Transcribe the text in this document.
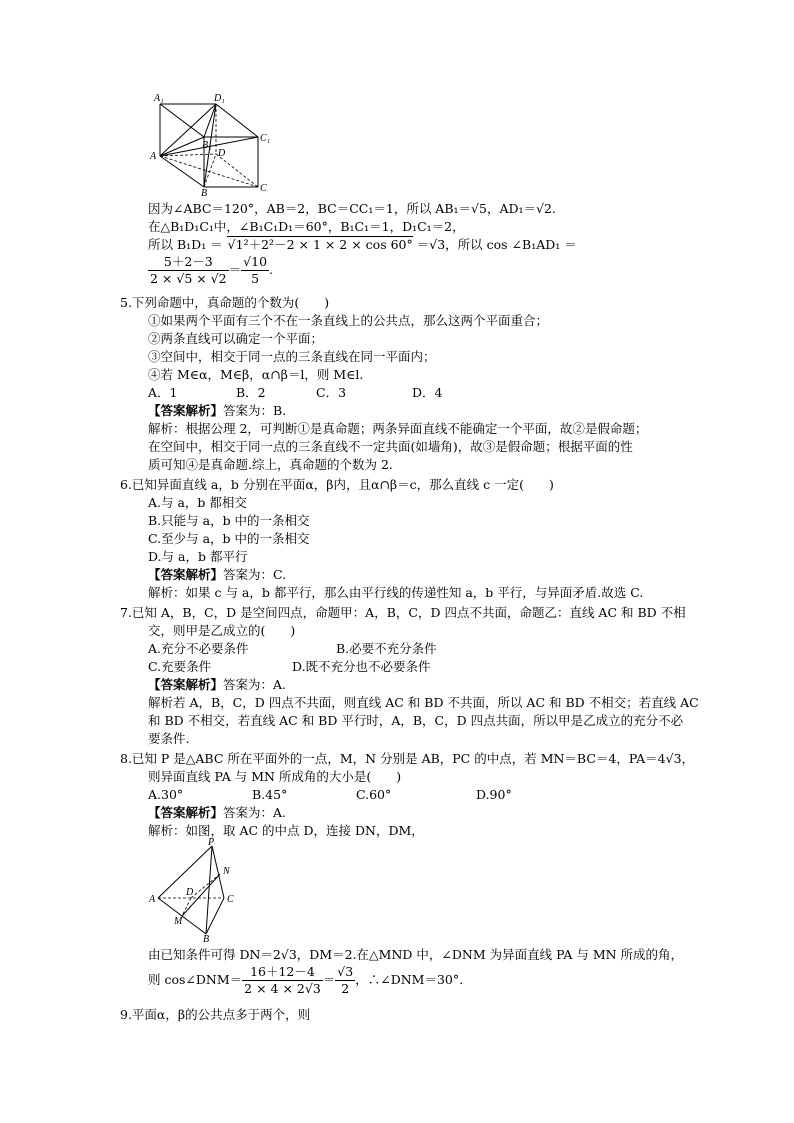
A₁	D₁
C₁
B₁
D
A
B	C
因为∠ABC＝120°，AB＝2，BC＝CC₁＝1，所以 AB₁＝√5，AD₁＝√2.
在△B₁D₁C₁中，∠B₁C₁D₁＝60°，B₁C₁＝1，D₁C₁＝2，
所以 B₁D₁ ＝ √1²＋2²－2 × 1 × 2 × cos 60° ＝√3，所以 cos ∠B₁AD₁ ＝
$\frac{5+2-3}{2 \times √5 \times √2} = \frac{√10}{5}$ .
5.下列命题中，真命题的个数为(　　)
①如果两个平面有三个不在一条直线上的公共点，那么这两个平面重合；
②两条直线可以确定一个平面；
③空间中，相交于同一点的三条直线在同一平面内；
④若 M∈α，M∈β，α∩β＝l，则 M∈l.
A．1	B．2	C．3	D．4
【答案解析】答案为：B.
解析：根据公理 2，可判断①是真命题；两条异面直线不能确定一个平面，故②是假命题；
在空间中，相交于同一点的三条直线不一定共面(如墙角)，故③是假命题；根据平面的性
质可知④是真命题.综上，真命题的个数为 2.
6.已知异面直线 a，b 分别在平面α，β内，且α∩β＝c，那么直线 c 一定(　　)
A.与 a，b 都相交
B.只能与 a，b 中的一条相交
C.至少与 a，b 中的一条相交
D.与 a，b 都平行
【答案解析】答案为：C.
解析：如果 c 与 a，b 都平行，那么由平行线的传递性知 a，b 平行，与异面矛盾.故选 C.
7.已知 A，B，C，D 是空间四点，命题甲：A，B，C，D 四点不共面，命题乙：直线 AC 和 BD 不相
交，则甲是乙成立的(　　)
A.充分不必要条件	B.必要不充分条件
C.充要条件	D.既不充分也不必要条件
【答案解析】答案为：A.
解析若 A，B，C，D 四点不共面，则直线 AC 和 BD 不共面，所以 AC 和 BD 不相交；若直线 AC
和 BD 不相交，若直线 AC 和 BD 平行时，A，B，C，D 四点共面，所以甲是乙成立的充分不必
要条件.
8.已知 P 是△ABC 所在平面外的一点，M，N 分别是 AB，PC 的中点，若 MN＝BC＝4，PA＝4√3，
则异面直线 PA 与 MN 所成角的大小是(　　)
A.30°	B.45°	C.60°	D.90°
【答案解析】答案为：A.
解析：如图，取 AC 的中点 D，连接 DN，DM，
P
N
A
D
C
M
B
由已知条件可得 DN＝2√3，DM＝2.在△MND 中，∠DNM 为异面直线 PA 与 MN 所成的角，
则 cos∠DNM＝ $\frac{16+12-4}{2 \times 4 \times 2√3} = \frac{√3}{2}$ ，∴∠DNM＝30°.
9.平面α，β的公共点多于两个，则
